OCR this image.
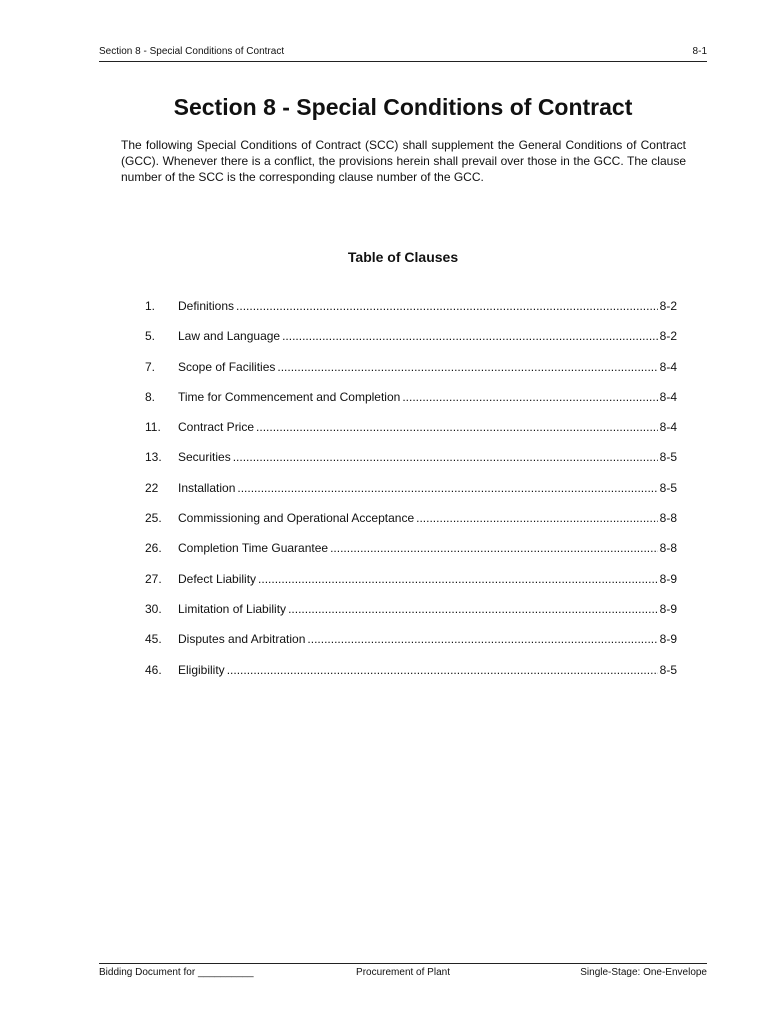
Section 8 - Special Conditions of Contract	8-1
Section 8 - Special Conditions of Contract
The following Special Conditions of Contract (SCC) shall supplement the General Conditions of Contract (GCC). Whenever there is a conflict, the provisions herein shall prevail over those in the GCC. The clause number of the SCC is the corresponding clause number of the GCC.
Table of Clauses
1.	Definitions .....	8-2
5.	Law and Language .....	8-2
7.	Scope of Facilities .....	8-4
8.	Time for Commencement and Completion .....	8-4
11.	Contract Price .....	8-4
13.	Securities .....	8-5
22	Installation .....	8-5
25.	Commissioning and Operational Acceptance .....	8-8
26.	Completion Time Guarantee .....	8-8
27.	Defect Liability .....	8-9
30.	Limitation of Liability .....	8-9
45.	Disputes and Arbitration .....	8-9
46.	Eligibility .....	8-5
Bidding Document for __________	Procurement of Plant	Single-Stage: One-Envelope
